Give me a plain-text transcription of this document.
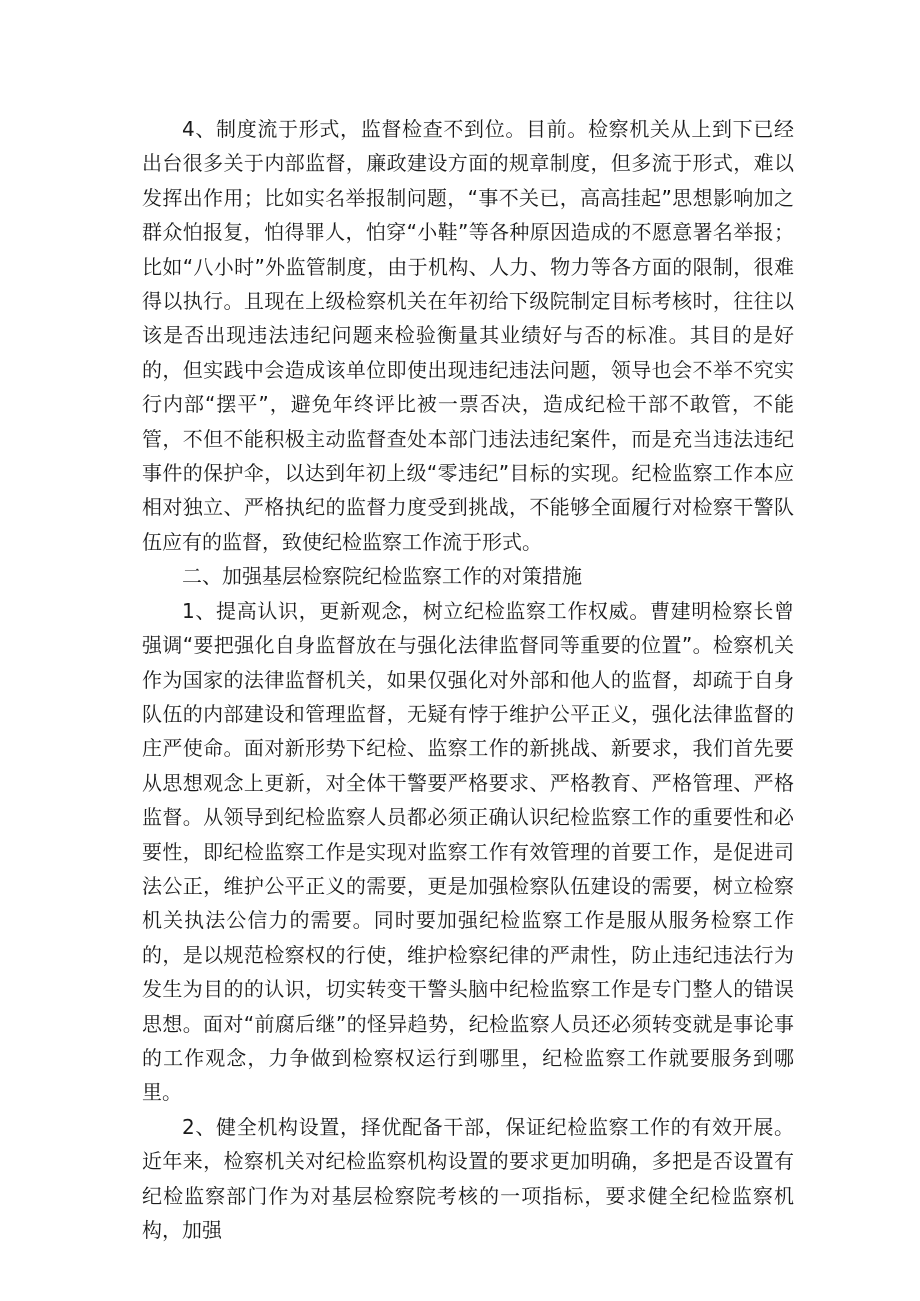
4、制度流于形式，监督检查不到位。目前。检察机关从上到下已经出台很多关于内部监督，廉政建设方面的规章制度，但多流于形式，难以发挥出作用；比如实名举报制问题，“事不关已，高高挂起”思想影响加之群众怕报复，怕得罪人，怕穿“小鞋”等各种原因造成的不愿意署名举报；比如“八小时”外监管制度，由于机构、人力、物力等各方面的限制，很难得以执行。且现在上级检察机关在年初给下级院制定目标考核时，往往以该是否出现违法违纪问题来检验衡量其业绩好与否的标准。其目的是好的，但实践中会造成该单位即使出现违纪违法问题，领导也会不举不究实行内部“摆平”，避免年终评比被一票否决，造成纪检干部不敢管，不能管，不但不能积极主动监督查处本部门违法违纪案件，而是充当违法违纪事件的保护伞，以达到年初上级“零违纪”目标的实现。纪检监察工作本应相对独立、严格执纪的监督力度受到挑战，不能够全面履行对检察干警队伍应有的监督，致使纪检监察工作流于形式。

二、加强基层检察院纪检监察工作的对策措施

1、提高认识，更新观念，树立纪检监察工作权威。曹建明检察长曾强调“要把强化自身监督放在与强化法律监督同等重要的位置”。检察机关作为国家的法律监督机关，如果仅强化对外部和他人的监督，却疏于自身队伍的内部建设和管理监督，无疑有悖于维护公平正义，强化法律监督的庄严使命。面对新形势下纪检、监察工作的新挑战、新要求，我们首先要从思想观念上更新，对全体干警要严格要求、严格教育、严格管理、严格监督。从领导到纪检监察人员都必须正确认识纪检监察工作的重要性和必要性，即纪检监察工作是实现对监察工作有效管理的首要工作，是促进司法公正，维护公平正义的需要，更是加强检察队伍建设的需要，树立检察机关执法公信力的需要。同时要加强纪检监察工作是服从服务检察工作的，是以规范检察权的行使，维护检察纪律的严肃性，防止违纪违法行为发生为目的的认识，切实转变干警头脑中纪检监察工作是专门整人的错误思想。面对“前腐后继”的怪异趋势，纪检监察人员还必须转变就是事论事的工作观念，力争做到检察权运行到哪里，纪检监察工作就要服务到哪里。

2、健全机构设置，择优配备干部，保证纪检监察工作的有效开展。近年来，检察机关对纪检监察机构设置的要求更加明确，多把是否设置有纪检监察部门作为对基层检察院考核的一项指标，要求健全纪检监察机构，加强
